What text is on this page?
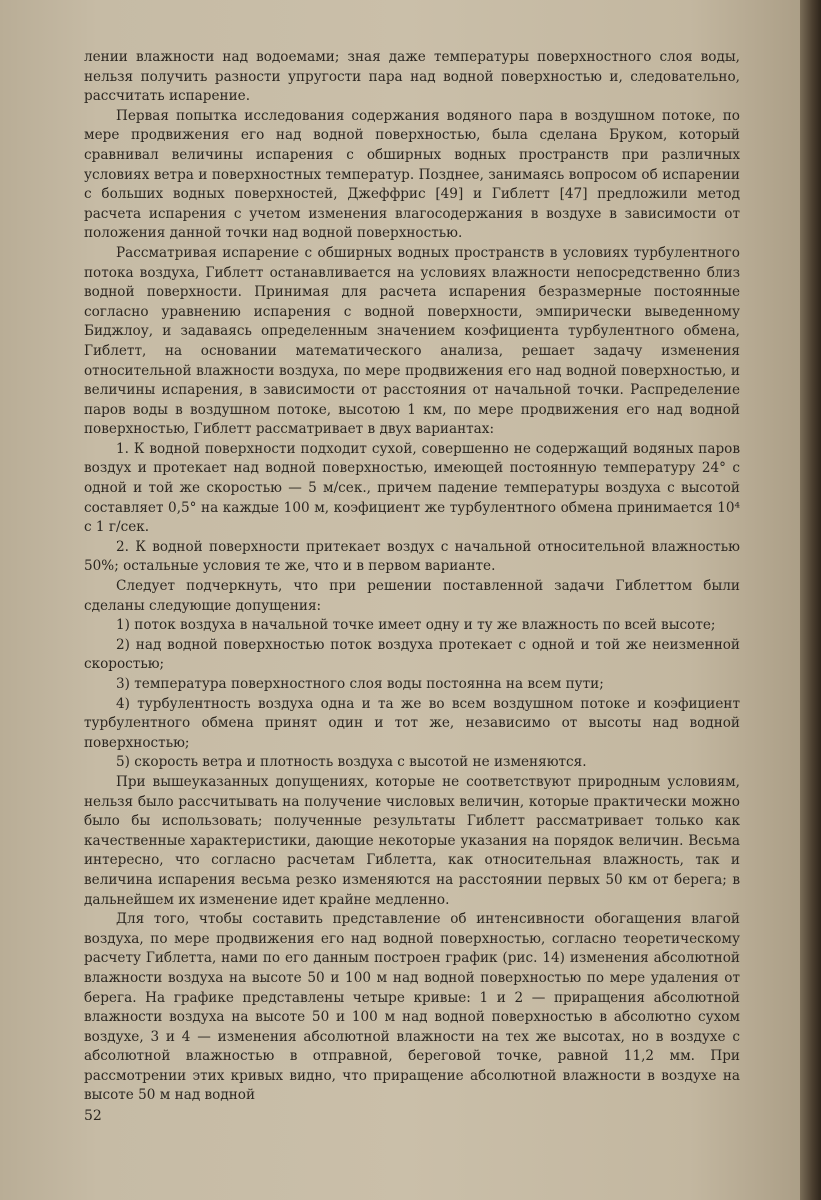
лении влажности над водоемами; зная даже температуры поверхностного слоя воды, нельзя получить разности упругости пара над водной поверхностью и, следовательно, рассчитать испарение.

Первая попытка исследования содержания водяного пара в воздушном потоке, по мере продвижения его над водной поверхностью, была сделана Бруком, который сравнивал величины испарения с обширных водных пространств при различных условиях ветра и поверхностных температур. Позднее, занимаясь вопросом об испарении с больших водных поверхностей, Джеффрис [49] и Гиблетт [47] предложили метод расчета испарения с учетом изменения влагосодержания в воздухе в зависимости от положения данной точки над водной поверхностью.

Рассматривая испарение с обширных водных пространств в условиях турбулентного потока воздуха, Гиблетт останавливается на условиях влажности непосредственно близ водной поверхности. Принимая для расчета испарения безразмерные постоянные согласно уравнению испарения с водной поверхности, эмпирически выведенному Биджлоу, и задаваясь определенным значением коэфициента турбулентного обмена, Гиблетт, на основании математического анализа, решает задачу изменения относительной влажности воздуха, по мере продвижения его над водной поверхностью, и величины испарения, в зависимости от расстояния от начальной точки. Распределение паров воды в воздушном потоке, высотою 1 км, по мере продвижения его над водной поверхностью, Гиблетт рассматривает в двух вариантах:

1. К водной поверхности подходит сухой, совершенно не содержащий водяных паров воздух и протекает над водной поверхностью, имеющей постоянную температуру 24° с одной и той же скоростью — 5 м/сек., причем падение температуры воздуха с высотой составляет 0,5° на каждые 100 м, коэфициент же турбулентного обмена принимается 10⁴ с 1 г/сек.

2. К водной поверхности притекает воздух с начальной относительной влажностью 50%; остальные условия те же, что и в первом варианте.

Следует подчеркнуть, что при решении поставленной задачи Гиблеттом были сделаны следующие допущения:

1) поток воздуха в начальной точке имеет одну и ту же влажность по всей высоте;

2) над водной поверхностью поток воздуха протекает с одной и той же неизменной скоростью;

3) температура поверхностного слоя воды постоянна на всем пути;

4) турбулентность воздуха одна и та же во всем воздушном потоке и коэфициент турбулентного обмена принят один и тот же, независимо от высоты над водной поверхностью;

5) скорость ветра и плотность воздуха с высотой не изменяются.

При вышеуказанных допущениях, которые не соответствуют природным условиям, нельзя было рассчитывать на получение числовых величин, которые практически можно было бы использовать; полученные результаты Гиблетт рассматривает только как качественные характеристики, дающие некоторые указания на порядок величин. Весьма интересно, что согласно расчетам Гиблетта, как относительная влажность, так и величина испарения весьма резко изменяются на расстоянии первых 50 км от берега; в дальнейшем их изменение идет крайне медленно.

Для того, чтобы составить представление об интенсивности обогащения влагой воздуха, по мере продвижения его над водной поверхностью, согласно теоретическому расчету Гиблетта, нами по его данным построен график (рис. 14) изменения абсолютной влажности воздуха на высоте 50 и 100 м над водной поверхностью по мере удаления от берега. На графике представлены четыре кривые: 1 и 2 — приращения абсолютной влажности воздуха на высоте 50 и 100 м над водной поверхностью в абсолютно сухом воздухе, 3 и 4 — изменения абсолютной влажности на тех же высотах, но в воздухе с абсолютной влажностью в отправной, береговой точке, равной 11,2 мм. При рассмотрении этих кривых видно, что приращение абсолютной влажности в воздухе на высоте 50 м над водной

52
